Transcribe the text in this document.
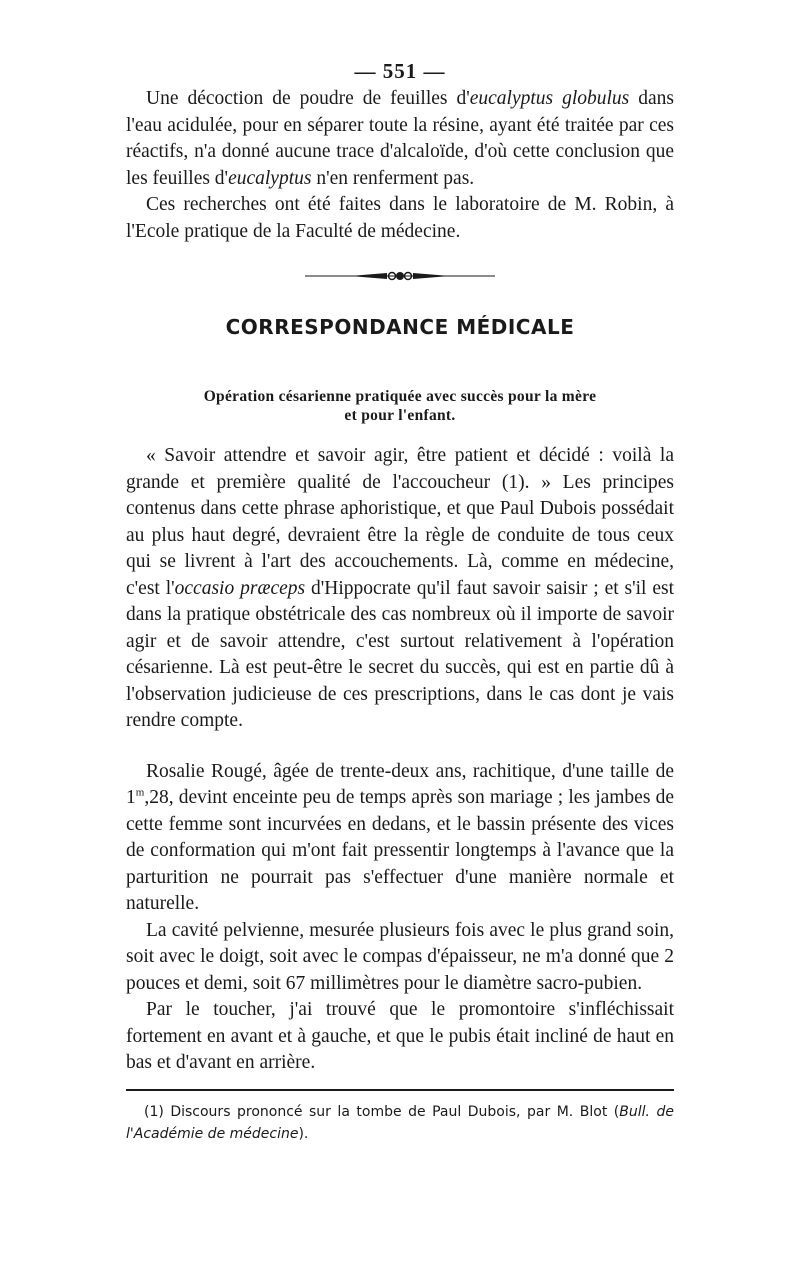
— 551 —

Une décoction de poudre de feuilles d'eucalyptus globulus dans l'eau acidulée, pour en séparer toute la résine, ayant été traitée par ces réactifs, n'a donné aucune trace d'alcaloïde, d'où cette conclusion que les feuilles d'eucalyptus n'en renferment pas.

Ces recherches ont été faites dans le laboratoire de M. Robin, à l'Ecole pratique de la Faculté de médecine.

CORRESPONDANCE MÉDICALE
Opération césarienne pratiquée avec succès pour la mère
et pour l'enfant.

« Savoir attendre et savoir agir, être patient et décidé : voilà la grande et première qualité de l'accoucheur (1). » Les principes contenus dans cette phrase aphoristique, et que Paul Dubois possédait au plus haut degré, devraient être la règle de conduite de tous ceux qui se livrent à l'art des accouchements. Là, comme en médecine, c'est l'occasio præceps d'Hippocrate qu'il faut savoir saisir ; et s'il est dans la pratique obstétricale des cas nombreux où il importe de savoir agir et de savoir attendre, c'est surtout relativement à l'opération césarienne. Là est peut-être le secret du succès, qui est en partie dû à l'observation judicieuse de ces prescriptions, dans le cas dont je vais rendre compte.

Rosalie Rougé, âgée de trente-deux ans, rachitique, d'une taille de 1$^m$,28, devint enceinte peu de temps après son mariage ; les jambes de cette femme sont incurvées en dedans, et le bassin présente des vices de conformation qui m'ont fait pressentir longtemps à l'avance que la parturition ne pourrait pas s'effectuer d'une manière normale et naturelle.

La cavité pelvienne, mesurée plusieurs fois avec le plus grand soin, soit avec le doigt, soit avec le compas d'épaisseur, ne m'a donné que 2 pouces et demi, soit 67 millimètres pour le diamètre sacro-pubien.

Par le toucher, j'ai trouvé que le promontoire s'infléchissait fortement en avant et à gauche, et que le pubis était incliné de haut en bas et d'avant en arrière.

(1) Discours prononcé sur la tombe de Paul Dubois, par M. Blot (Bull. de l'Académie de médecine).
